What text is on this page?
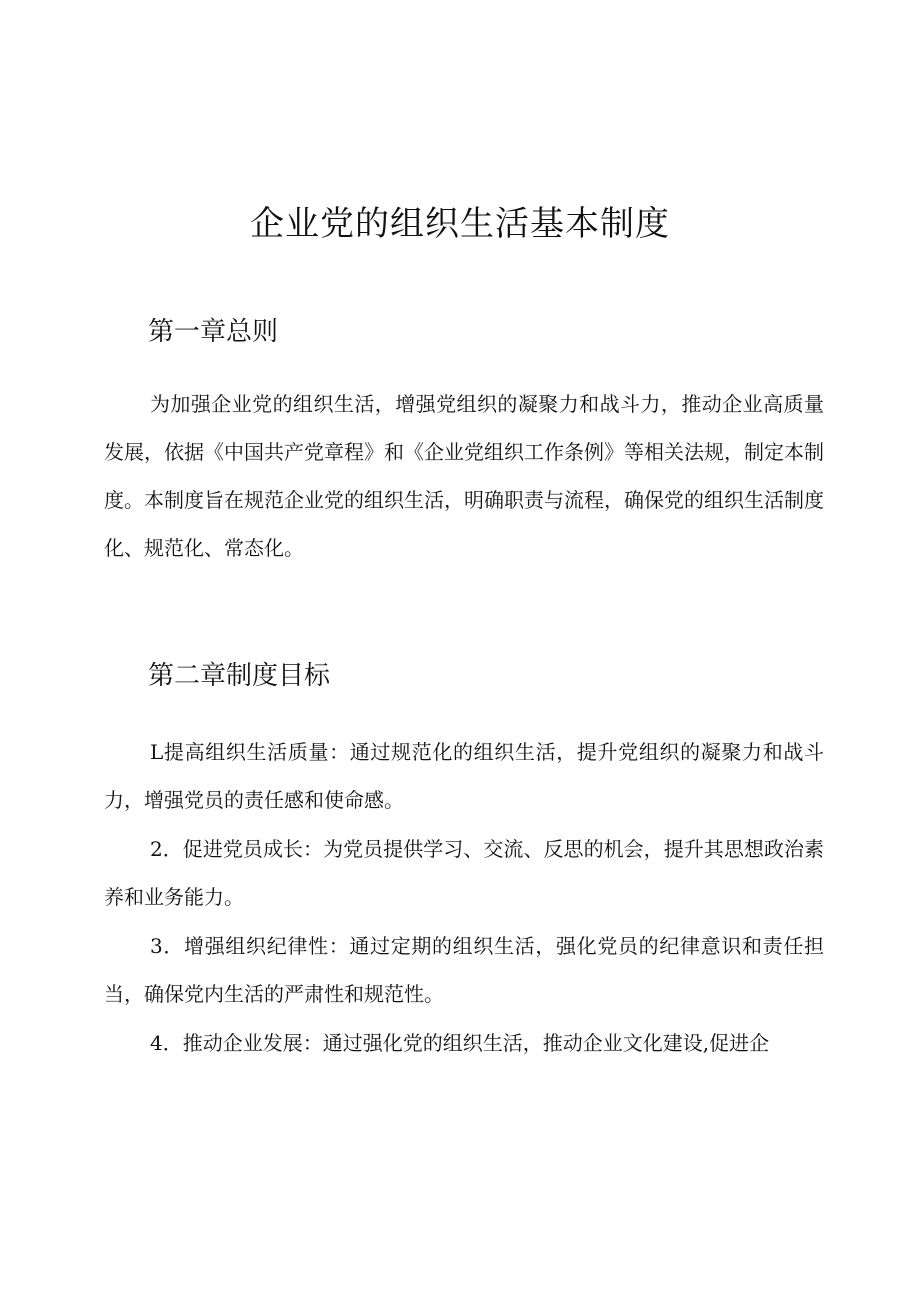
企业党的组织生活基本制度
第一章总则

为加强企业党的组织生活，增强党组织的凝聚力和战斗力，推动企业高质量发展，依据《中国共产党章程》和《企业党组织工作条例》等相关法规，制定本制度。本制度旨在规范企业党的组织生活，明确职责与流程，确保党的组织生活制度化、规范化、常态化。

第二章制度目标

L提高组织生活质量：通过规范化的组织生活，提升党组织的凝聚力和战斗力，增强党员的责任感和使命感。

2．促进党员成长：为党员提供学习、交流、反思的机会，提升其思想政治素养和业务能力。

3．增强组织纪律性：通过定期的组织生活，强化党员的纪律意识和责任担当，确保党内生活的严肃性和规范性。

4．推动企业发展：通过强化党的组织生活，推动企业文化建设,促进企
